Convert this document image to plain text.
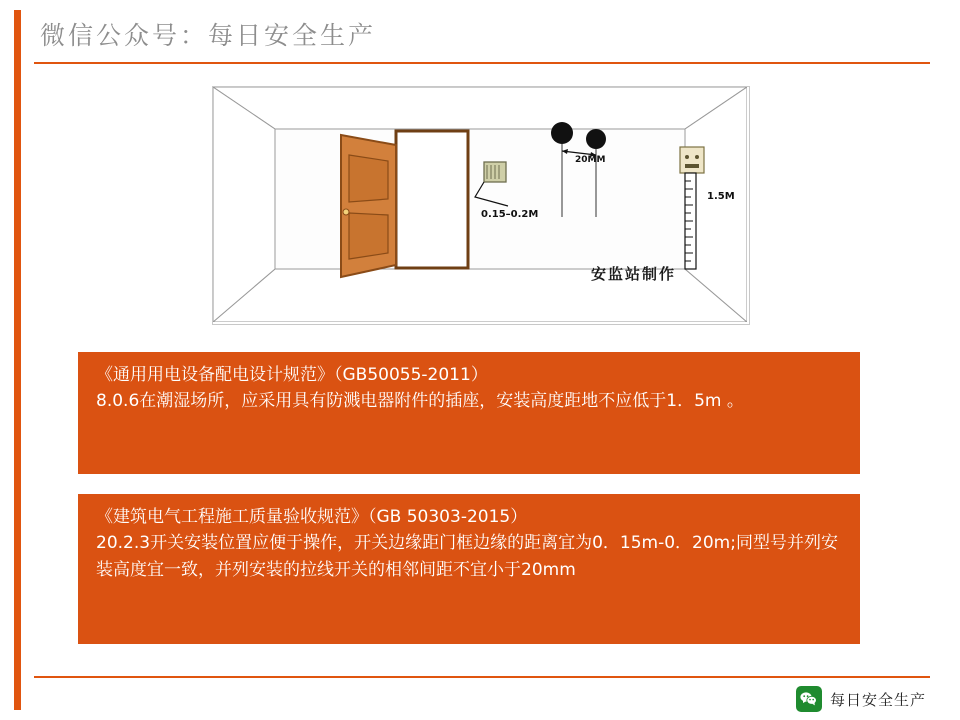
微信公众号：每日安全生产
0.15–0.2M
20MM
1.5M
安监站制作

《通用用电设备配电设计规范》（GB50055-2011）

8.0.6在潮湿场所，应采用具有防溅电器附件的插座，安装高度距地不应低于1．5m 。

《建筑电气工程施工质量验收规范》（GB 50303-2015）

20.2.3开关安装位置应便于操作，开关边缘距门框边缘的距离宜为0．15m-0．20m;同型号并列安装高度宜一致，并列安装的拉线开关的相邻间距不宜小于20mm

每日安全生产
